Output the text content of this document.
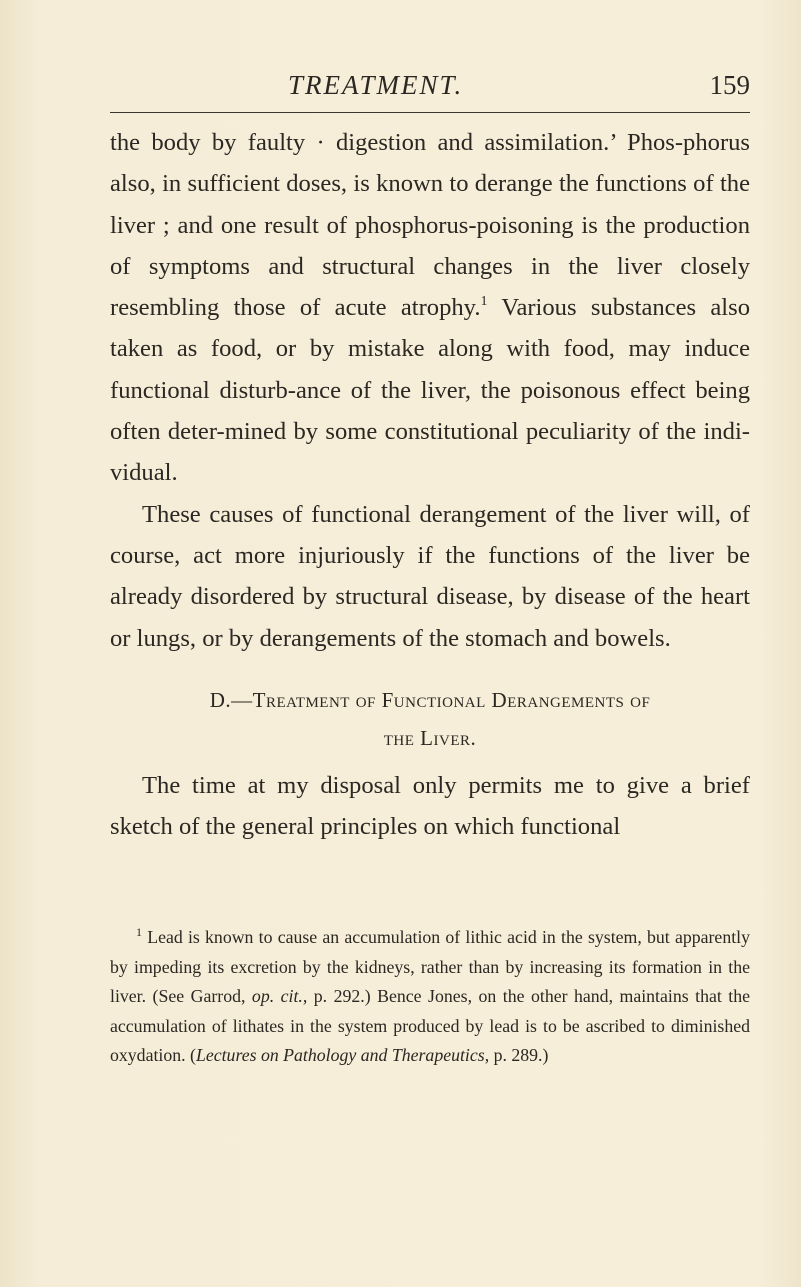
TREATMENT.	159

the body by faulty · digestion and assimilation.’ Phos-phorus also, in sufficient doses, is known to derange the functions of the liver ; and one result of phosphorus-poisoning is the production of symptoms and structural changes in the liver closely resembling those of acute atrophy.$^1$ Various substances also taken as food, or by mistake along with food, may induce functional disturb-ance of the liver, the poisonous effect being often deter-mined by some constitutional peculiarity of the indi-vidual.

These causes of functional derangement of the liver will, of course, act more injuriously if the functions of the liver be already disordered by structural disease, by disease of the heart or lungs, or by derangements of the stomach and bowels.

D.—Treatment of Functional Derangements of
the Liver.

The time at my disposal only permits me to give a brief sketch of the general principles on which functional

$^1$ Lead is known to cause an accumulation of lithic acid in the system, but apparently by impeding its excretion by the kidneys, rather than by increasing its formation in the liver. (See Garrod, op. cit., p. 292.) Bence Jones, on the other hand, maintains that the accumulation of lithates in the system produced by lead is to be ascribed to diminished oxydation. (Lectures on Pathology and Therapeutics, p. 289.)
